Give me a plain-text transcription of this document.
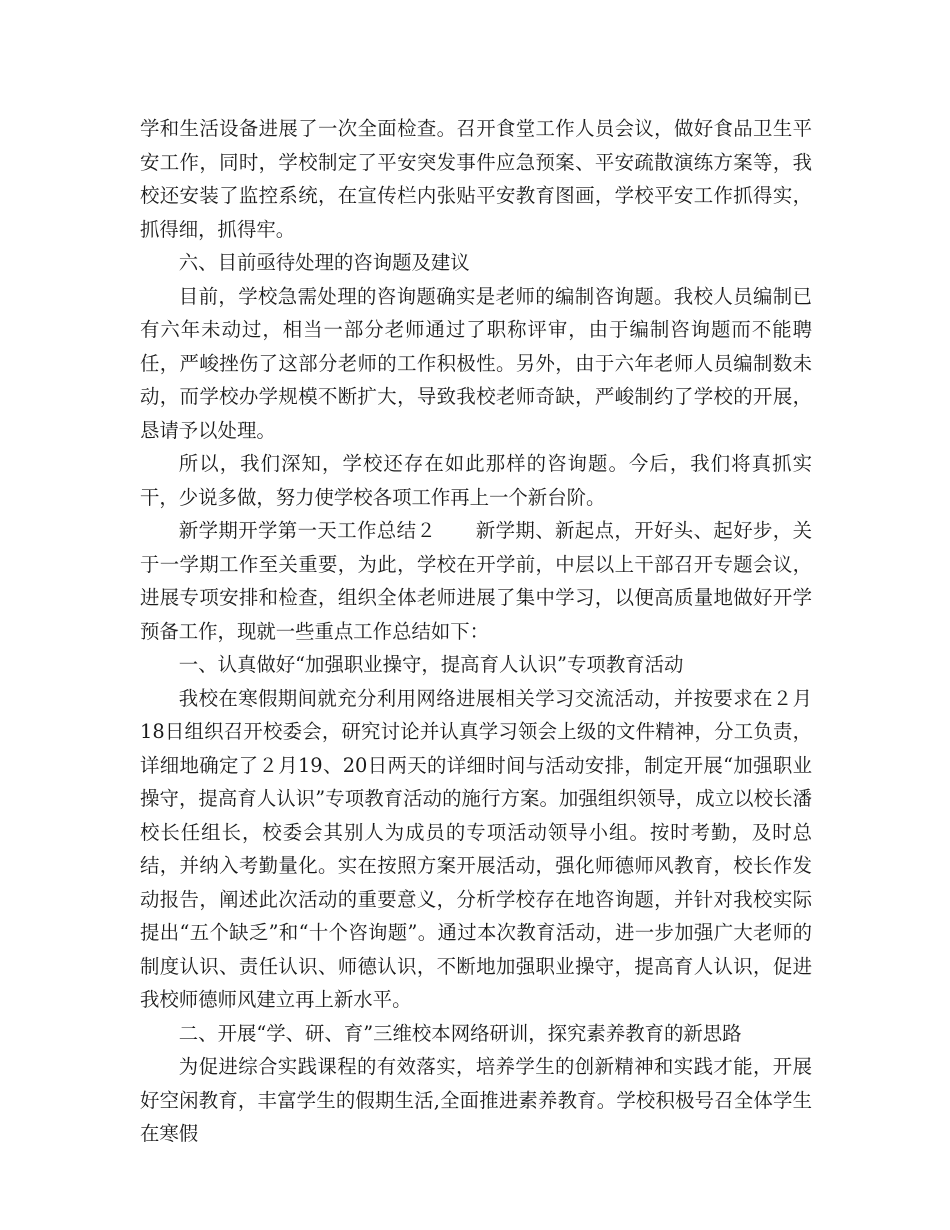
学和生活设备进展了一次全面检查。召开食堂工作人员会议，做好食品卫生平安工作，同时，学校制定了平安突发事件应急预案、平安疏散演练方案等，我校还安装了监控系统，在宣传栏内张贴平安教育图画，学校平安工作抓得实，抓得细，抓得牢。

六、目前亟待处理的咨询题及建议

目前，学校急需处理的咨询题确实是老师的编制咨询题。我校人员编制已有六年未动过，相当一部分老师通过了职称评审，由于编制咨询题而不能聘任，严峻挫伤了这部分老师的工作积极性。另外，由于六年老师人员编制数未动，而学校办学规模不断扩大，导致我校老师奇缺，严峻制约了学校的开展，恳请予以处理。

所以，我们深知，学校还存在如此那样的咨询题。今后，我们将真抓实干，少说多做，努力使学校各项工作再上一个新台阶。

新学期开学第一天工作总结２　　新学期、新起点，开好头、起好步，关于一学期工作至关重要，为此，学校在开学前，中层以上干部召开专题会议，进展专项安排和检查，组织全体老师进展了集中学习，以便高质量地做好开学预备工作，现就一些重点工作总结如下：

一、认真做好“加强职业操守，提高育人认识”专项教育活动

我校在寒假期间就充分利用网络进展相关学习交流活动，并按要求在２月18日组织召开校委会，研究讨论并认真学习领会上级的文件精神，分工负责，详细地确定了２月19、20日两天的详细时间与活动安排，制定开展“加强职业操守，提高育人认识”专项教育活动的施行方案。加强组织领导，成立以校长潘校长任组长，校委会其别人为成员的专项活动领导小组。按时考勤，及时总结，并纳入考勤量化。实在按照方案开展活动，强化师德师风教育，校长作发动报告，阐述此次活动的重要意义，分析学校存在地咨询题，并针对我校实际提出“五个缺乏”和“十个咨询题”。通过本次教育活动，进一步加强广大老师的制度认识、责任认识、师德认识，不断地加强职业操守，提高育人认识，促进我校师德师风建立再上新水平。

二、开展“学、研、育”三维校本网络研训，探究素养教育的新思路

为促进综合实践课程的有效落实，培养学生的创新精神和实践才能，开展好空闲教育，丰富学生的假期生活,全面推进素养教育。学校积极号召全体学生在寒假
